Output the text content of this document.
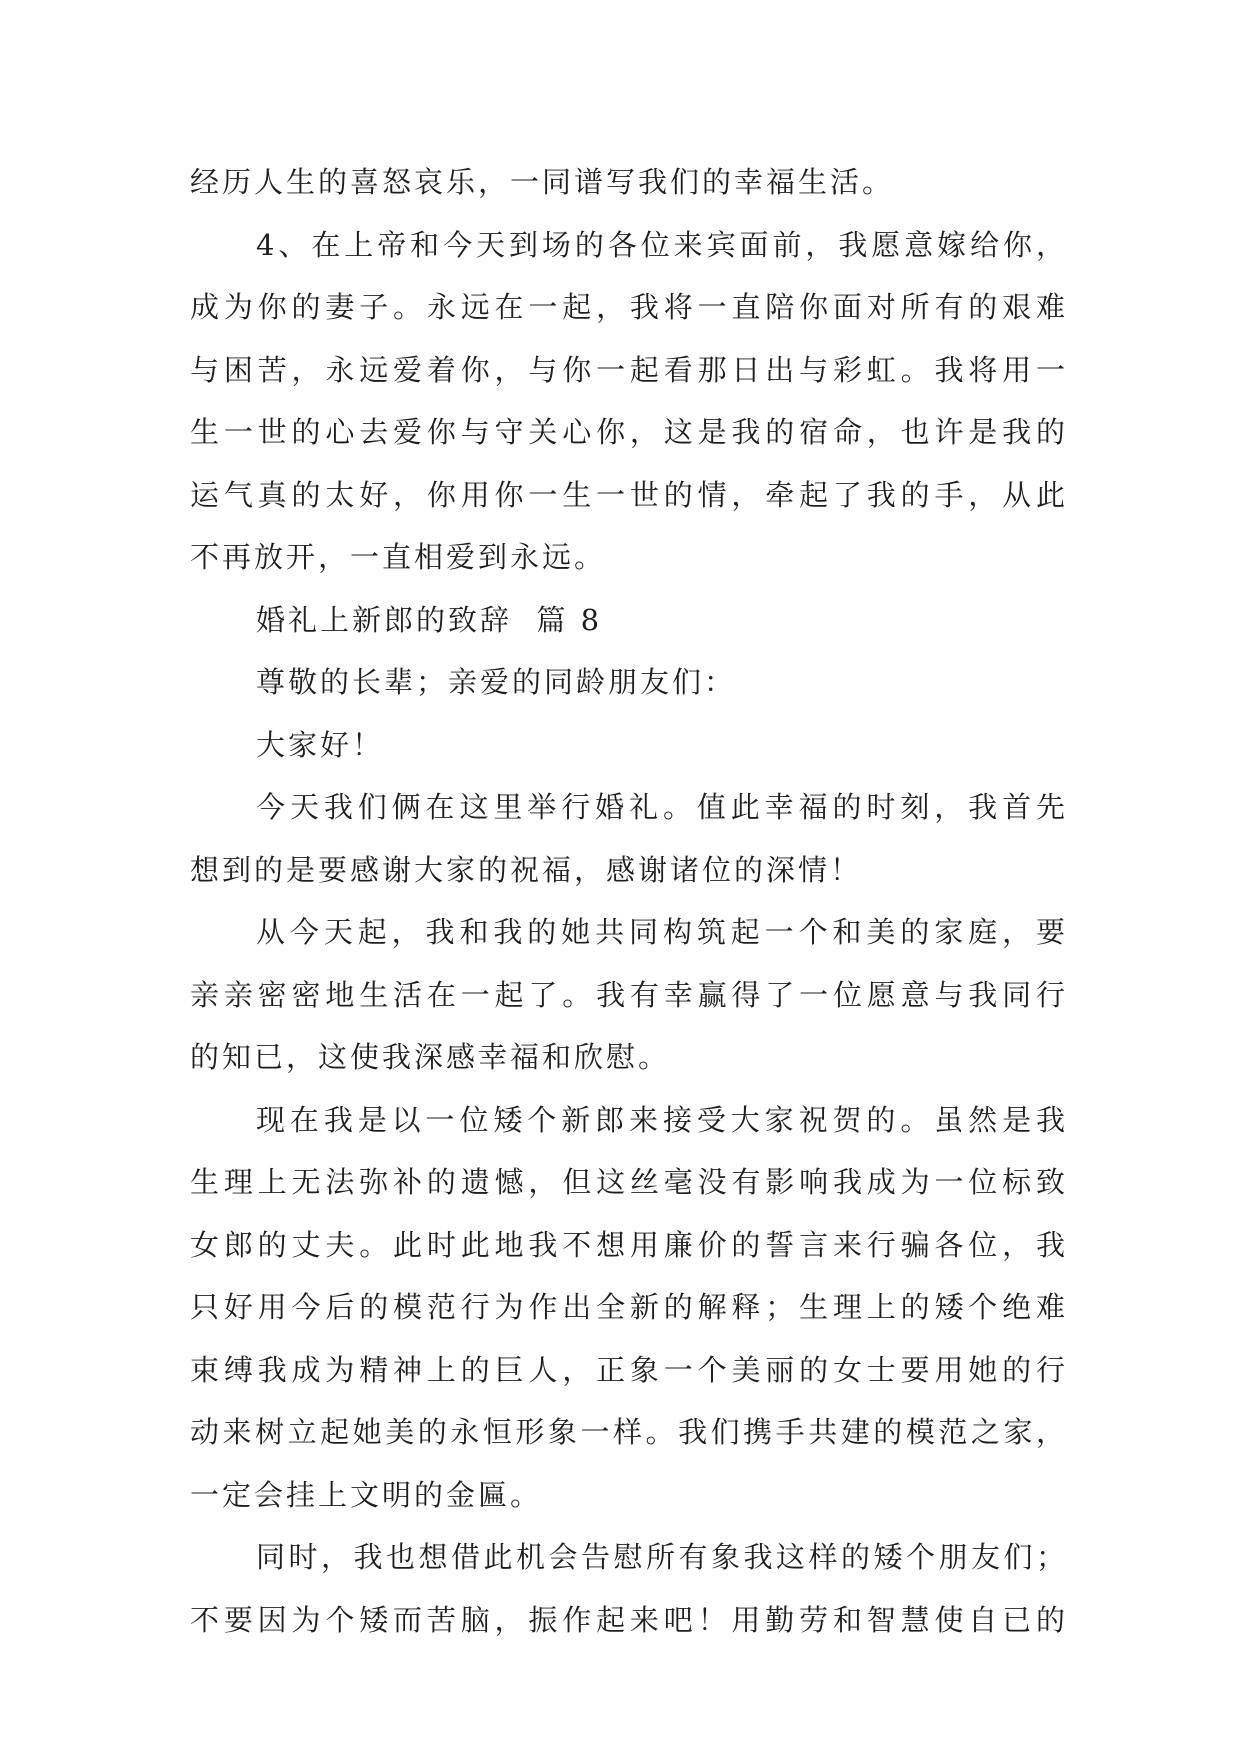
经历人生的喜怒哀乐，一同谱写我们的幸福生活。
4、在上帝和今天到场的各位来宾面前，我愿意嫁给你，
成为你的妻子。永远在一起，我将一直陪你面对所有的艰难
与困苦，永远爱着你，与你一起看那日出与彩虹。我将用一
生一世的心去爱你与守关心你，这是我的宿命，也许是我的
运气真的太好，你用你一生一世的情，牵起了我的手，从此
不再放开，一直相爱到永远。
婚礼上新郎的致辞  篇 8
尊敬的长辈；亲爱的同龄朋友们：
大家好！
今天我们俩在这里举行婚礼。值此幸福的时刻，我首先
想到的是要感谢大家的祝福，感谢诸位的深情！
从今天起，我和我的她共同构筑起一个和美的家庭，要
亲亲密密地生活在一起了。我有幸赢得了一位愿意与我同行
的知已，这使我深感幸福和欣慰。
现在我是以一位矮个新郎来接受大家祝贺的。虽然是我
生理上无法弥补的遗憾，但这丝毫没有影响我成为一位标致
女郎的丈夫。此时此地我不想用廉价的誓言来行骗各位，我
只好用今后的模范行为作出全新的解释；生理上的矮个绝难
束缚我成为精神上的巨人，正象一个美丽的女士要用她的行
动来树立起她美的永恒形象一样。我们携手共建的模范之家，
一定会挂上文明的金匾。
同时，我也想借此机会告慰所有象我这样的矮个朋友们；
不要因为个矮而苦脑，振作起来吧！用勤劳和智慧使自已的
